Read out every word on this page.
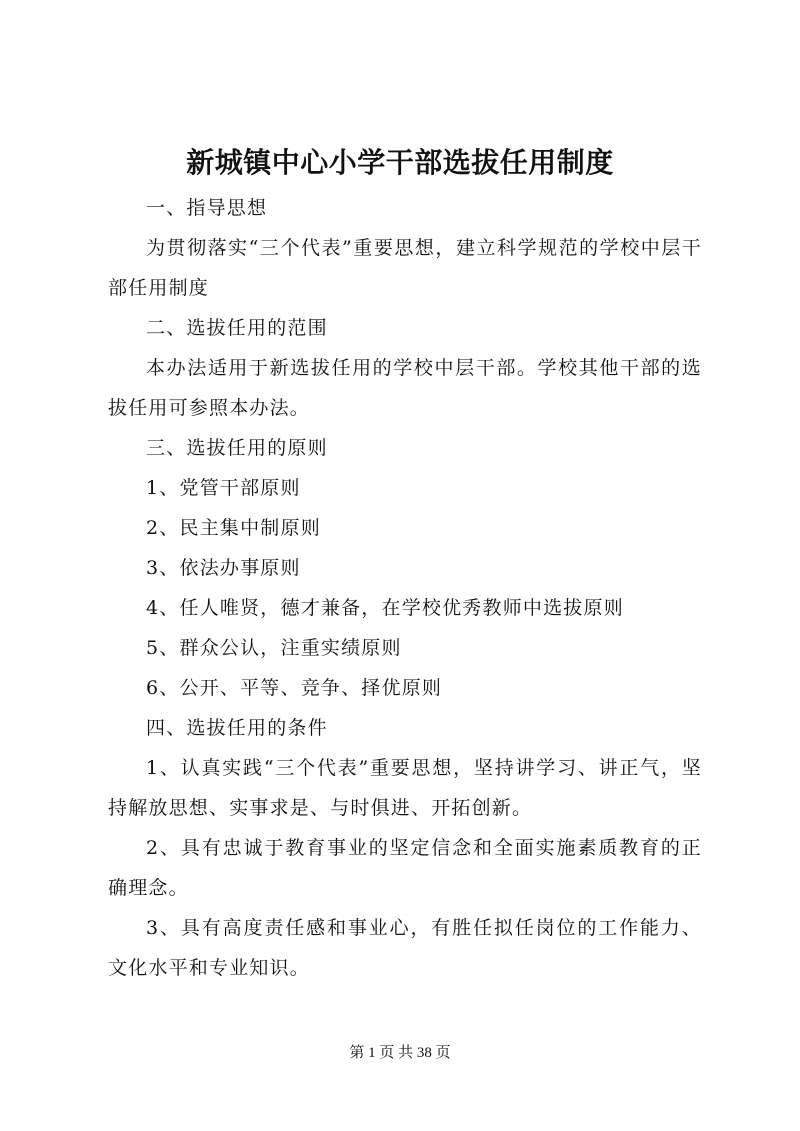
新城镇中心小学干部选拔任用制度

一、指导思想

为贯彻落实“三个代表”重要思想，建立科学规范的学校中层干部任用制度

二、选拔任用的范围

本办法适用于新选拔任用的学校中层干部。学校其他干部的选拔任用可参照本办法。

三、选拔任用的原则

1、党管干部原则

2、民主集中制原则

3、依法办事原则

4、任人唯贤，德才兼备，在学校优秀教师中选拔原则

5、群众公认，注重实绩原则

6、公开、平等、竞争、择优原则

四、选拔任用的条件

1、认真实践“三个代表”重要思想，坚持讲学习、讲正气，坚持解放思想、实事求是、与时俱进、开拓创新。

2、具有忠诚于教育事业的坚定信念和全面实施素质教育的正确理念。

3、具有高度责任感和事业心，有胜任拟任岗位的工作能力、文化水平和专业知识。

第 1 页 共 38 页
